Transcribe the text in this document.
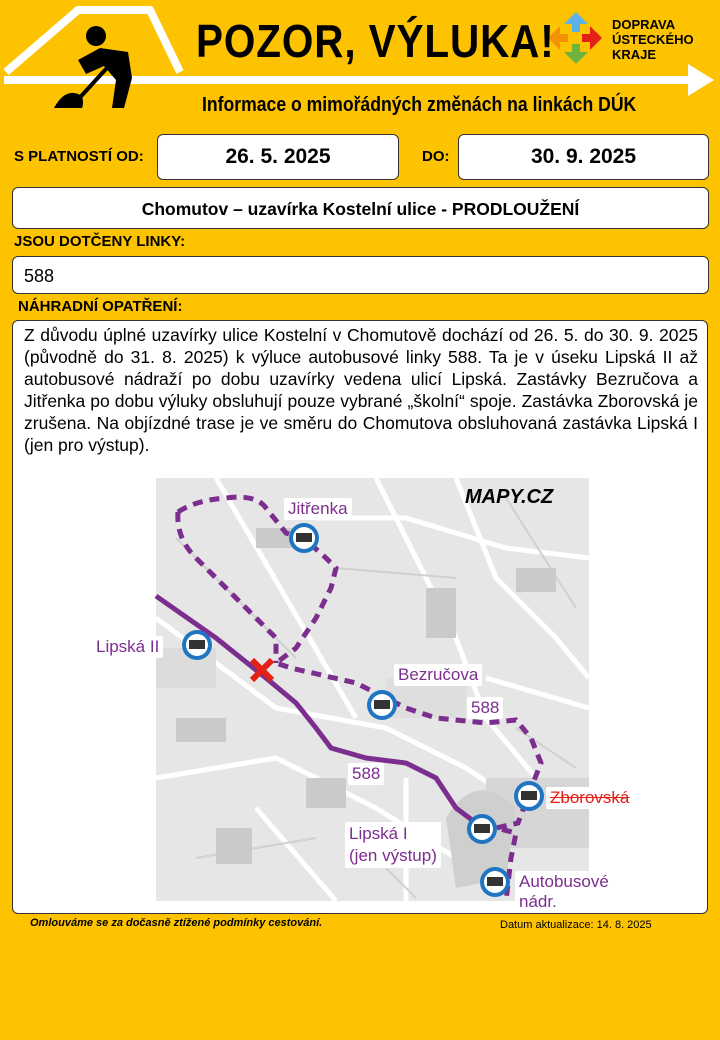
POZOR, VÝLUKA!	DOPRAVA
ÚSTECKÉHO
KRAJE
Informace o mimořádných změnách na linkách DÚK
S PLATNOSTÍ OD:	26. 5. 2025	DO:	30. 9. 2025
Chomutov – uzavírka Kostelní ulice - PRODLOUŽENÍ
JSOU DOTČENY LINKY:
588
NÁHRADNÍ OPATŘENÍ:
Z důvodu úplné uzavírky ulice Kostelní v Chomutově dochází od 26. 5. do 30. 9. 2025 (původně do 31. 8. 2025) k výluce autobusové linky 588. Ta je v úseku Lipská II až autobusové nádraží po dobu uzavírky vedena ulicí Lipská. Zastávky Bezručova a Jitřenka po dobu výluky obsluhují pouze vybrané „školní“ spoje. Zastávka Zborovská je zrušena. Na objízdné trase je ve směru do Chomutova obsluhovaná zastávka Lipská I (jen pro výstup).
MAPY.CZ
Jitřenka
Bezručova
588
588
Zborovská
Lipská I
(jen výstup)
Autobusové nádr.
Lipská II
Omlouváme se za dočasně ztížené podmínky cestování.	Datum aktualizace: 14. 8. 2025
